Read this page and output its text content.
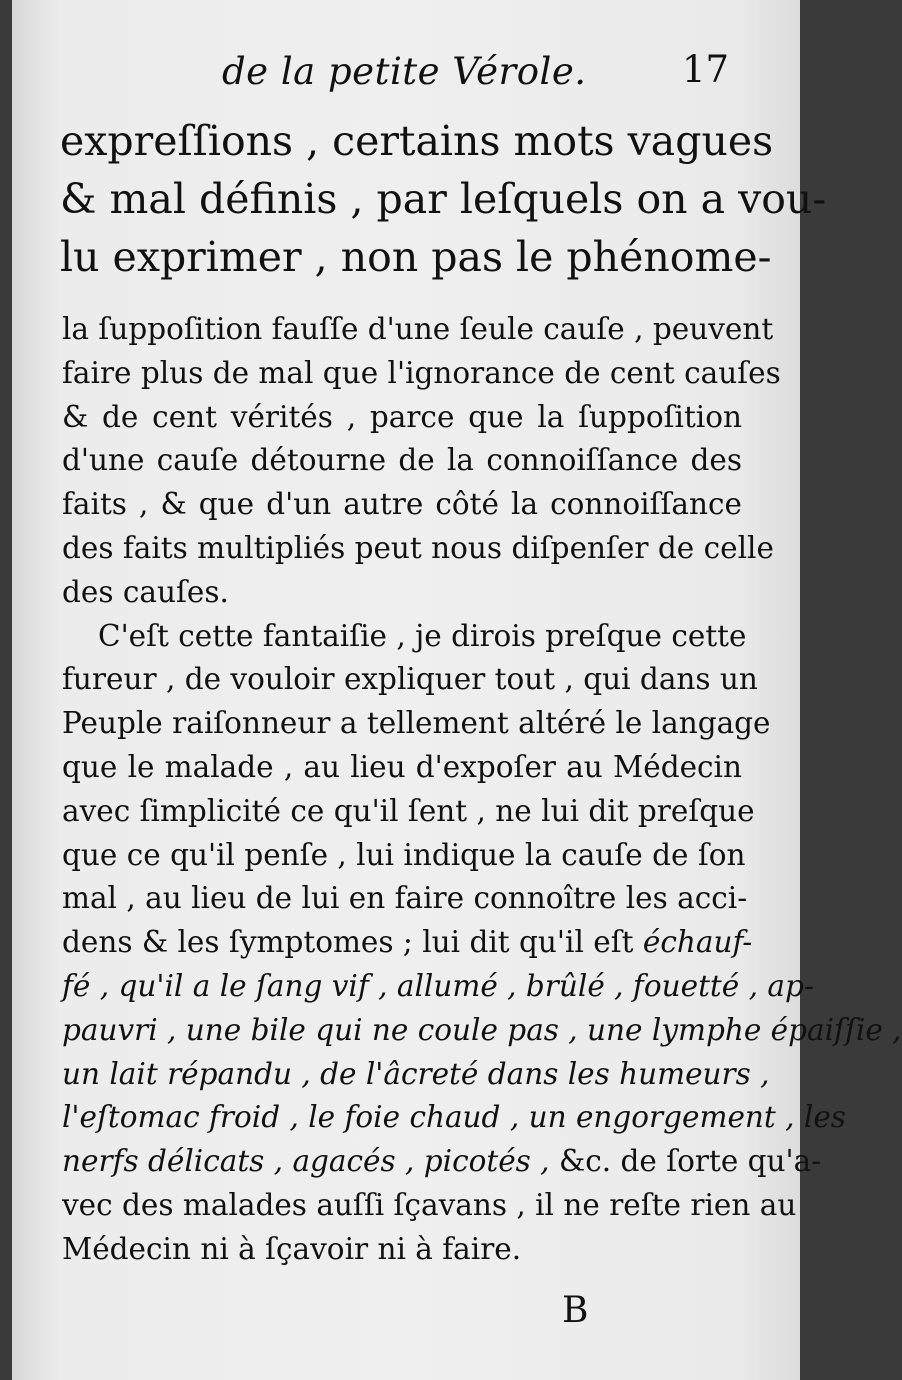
de la petite Vérole.	17
expreſſions , certains mots vagues
& mal définis , par leſquels on a vou-
lu exprimer , non pas le phénome-
la ſuppoſition fauſſe d'une ſeule cauſe , peuvent
faire plus de mal que l'ignorance de cent cauſes
& de cent vérités , parce que la ſuppoſition
d'une cauſe détourne de la connoiſſance des
faits , & que d'un autre côté la connoiſſance
des faits multipliés peut nous diſpenſer de celle
des cauſes.
C'eſt cette fantaiſie , je dirois preſque cette
fureur , de vouloir expliquer tout , qui dans un
Peuple raiſonneur a tellement altéré le langage
que le malade , au lieu d'expoſer au Médecin
avec ſimplicité ce qu'il ſent , ne lui dit preſque
que ce qu'il penſe , lui indique la cauſe de ſon
mal , au lieu de lui en faire connoître les acci-
dens & les ſymptomes ; lui dit qu'il eſt échauf-
fé , qu'il a le ſang vif , allumé , brûlé , fouetté , ap-
pauvri , une bile qui ne coule pas , une lymphe épaiſſie ,
un lait répandu , de l'âcreté dans les humeurs ,
l'eſtomac froid , le foie chaud , un engorgement , les
nerfs délicats , agacés , picotés , &c. de ſorte qu'a-
vec des malades auſſi ſçavans , il ne reſte rien au
Médecin ni à ſçavoir ni à faire.
B
